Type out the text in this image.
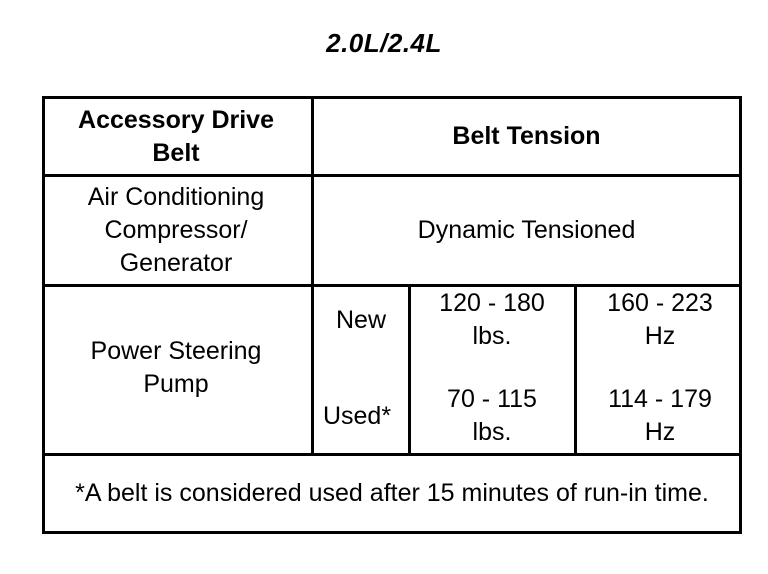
2.0L/2.4L
Accessory Drive Belt
Belt Tension
Air Conditioning Compressor/ Generator
Dynamic Tensioned
Power Steering Pump
New
120 - 180 lbs.
160 - 223 Hz
Used*
70 - 115 lbs.
114 - 179 Hz
*A belt is considered used after 15 minutes of run-in time.
